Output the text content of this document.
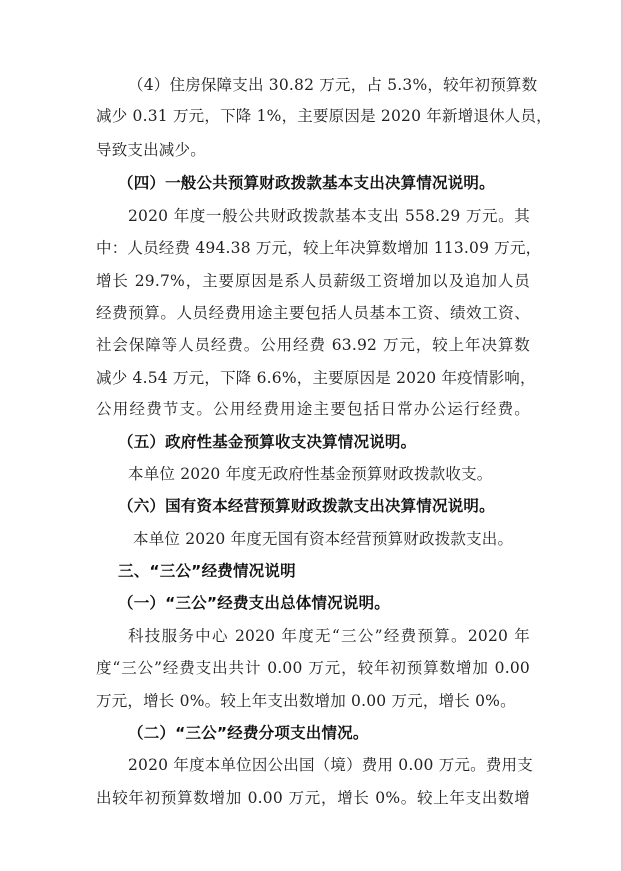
（4）住房保障支出 30.82 万元，占 5.3%，较年初预算数
减少 0.31 万元，下降 1%，主要原因是 2020 年新增退休人员，
导致支出减少。
（四）一般公共预算财政拨款基本支出决算情况说明。
2020 年度一般公共财政拨款基本支出 558.29 万元。其
中：人员经费 494.38 万元，较上年决算数增加 113.09 万元，
增长 29.7%，主要原因是系人员薪级工资增加以及追加人员
经费预算。人员经费用途主要包括人员基本工资、绩效工资、
社会保障等人员经费。公用经费 63.92 万元，较上年决算数
减少 4.54 万元，下降 6.6%，主要原因是 2020 年疫情影响，
公用经费节支。公用经费用途主要包括日常办公运行经费。
（五）政府性基金预算收支决算情况说明。
本单位 2020 年度无政府性基金预算财政拨款收支。
（六）国有资本经营预算财政拨款支出决算情况说明。
本单位 2020 年度无国有资本经营预算财政拨款支出。
三、“三公”经费情况说明
（一）“三公”经费支出总体情况说明。
科技服务中心 2020 年度无“三公”经费预算。2020 年
度“三公”经费支出共计 0.00 万元，较年初预算数增加 0.00
万元，增长 0%。较上年支出数增加 0.00 万元，增长 0%。
（二）“三公”经费分项支出情况。
2020 年度本单位因公出国（境）费用 0.00 万元。费用支
出较年初预算数增加 0.00 万元，增长 0%。较上年支出数增
